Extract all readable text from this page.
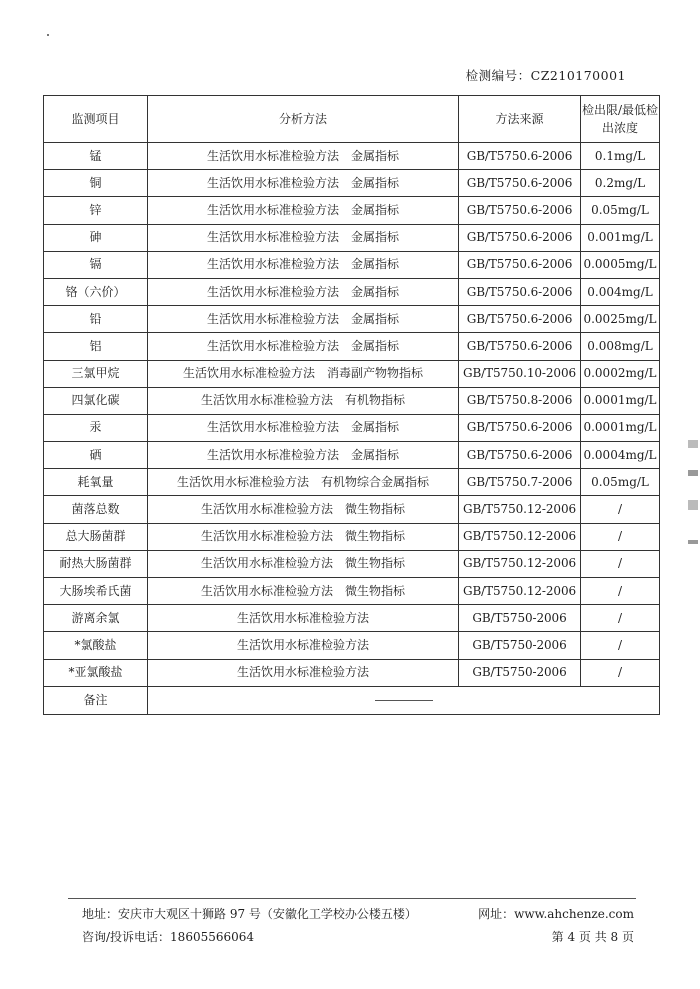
检测编号：CZ210170001
监测项目	分析方法	方法来源	检出限/最低检出浓度
锰	生活饮用水标准检验方法　金属指标	GB/T5750.6-2006	0.1mg/L
铜	生活饮用水标准检验方法　金属指标	GB/T5750.6-2006	0.2mg/L
锌	生活饮用水标准检验方法　金属指标	GB/T5750.6-2006	0.05mg/L
砷	生活饮用水标准检验方法　金属指标	GB/T5750.6-2006	0.001mg/L
镉	生活饮用水标准检验方法　金属指标	GB/T5750.6-2006	0.0005mg/L
铬（六价）	生活饮用水标准检验方法　金属指标	GB/T5750.6-2006	0.004mg/L
铅	生活饮用水标准检验方法　金属指标	GB/T5750.6-2006	0.0025mg/L
铝	生活饮用水标准检验方法　金属指标	GB/T5750.6-2006	0.008mg/L
三氯甲烷	生活饮用水标准检验方法　消毒副产物物指标	GB/T5750.10-2006	0.0002mg/L
四氯化碳	生活饮用水标准检验方法　有机物指标	GB/T5750.8-2006	0.0001mg/L
汞	生活饮用水标准检验方法　金属指标	GB/T5750.6-2006	0.0001mg/L
硒	生活饮用水标准检验方法　金属指标	GB/T5750.6-2006	0.0004mg/L
耗氧量	生活饮用水标准检验方法　有机物综合金属指标	GB/T5750.7-2006	0.05mg/L
菌落总数	生活饮用水标准检验方法　微生物指标	GB/T5750.12-2006	/
总大肠菌群	生活饮用水标准检验方法　微生物指标	GB/T5750.12-2006	/
耐热大肠菌群	生活饮用水标准检验方法　微生物指标	GB/T5750.12-2006	/
大肠埃希氏菌	生活饮用水标准检验方法　微生物指标	GB/T5750.12-2006	/
游离余氯	生活饮用水标准检验方法	GB/T5750-2006	/
*氯酸盐	生活饮用水标准检验方法	GB/T5750-2006	/
*亚氯酸盐	生活饮用水标准检验方法	GB/T5750-2006	/
备注			
地址：安庆市大观区十狮路 97 号（安徽化工学校办公楼五楼）	网址：www.ahchenze.com
咨询/投诉电话：18605566064	第 4 页 共 8 页
